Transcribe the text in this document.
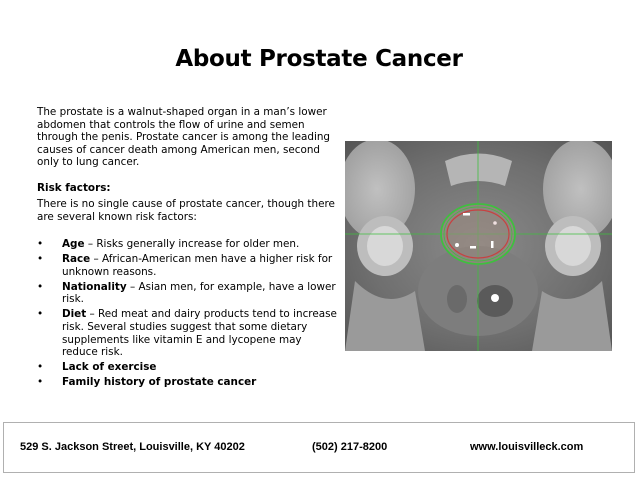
About Prostate Cancer
The prostate is a walnut-shaped organ in a man’s lower abdomen that controls the flow of urine and semen through the penis. Prostate cancer is among the leading causes of cancer death among American men, second only to lung cancer.
Risk factors:
There is no single cause of prostate cancer, though there are several known risk factors:
• Age – Risks generally increase for older men.
• Race – African-American men have a higher risk for unknown reasons.
• Nationality – Asian men, for example, have a lower risk.
• Diet – Red meat and dairy products tend to increase risk. Several studies suggest that some dietary supplements like vitamin E and lycopene may reduce risk.
• Lack of exercise
• Family history of prostate cancer
529 S. Jackson Street, Louisville, KY 40202	(502) 217-8200	www.louisvilleck.com
